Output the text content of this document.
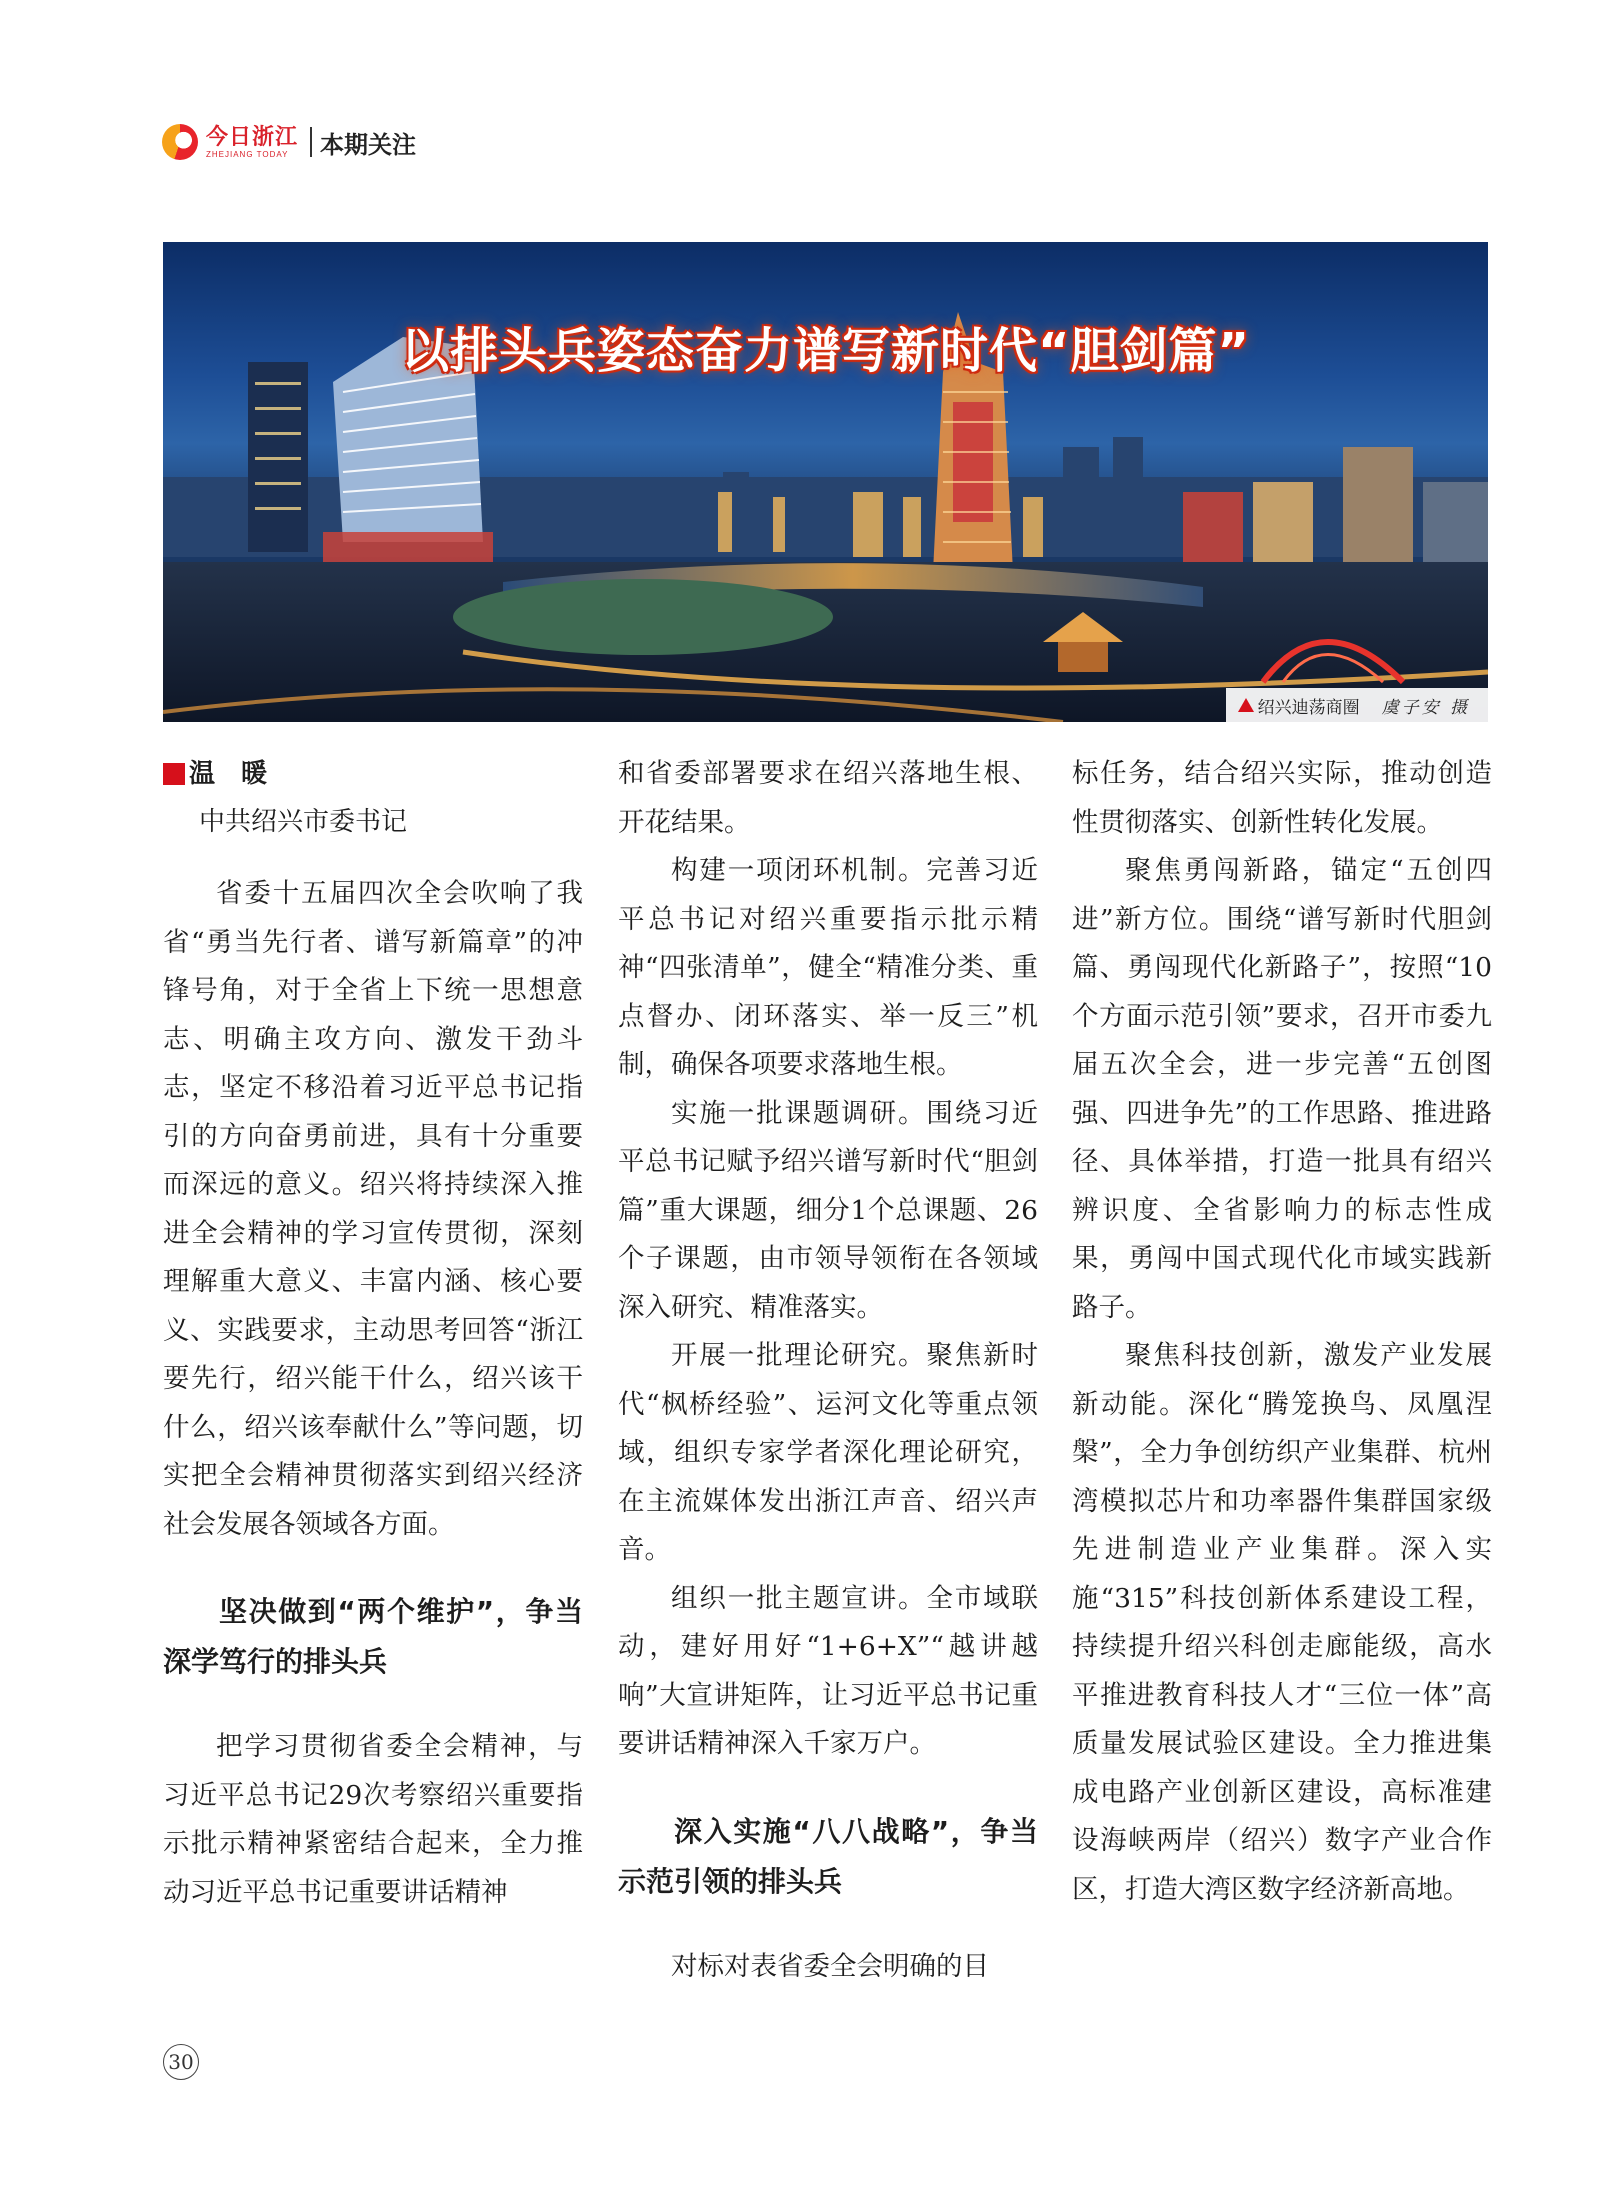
今日浙江
ZHEJIANG TODAY	本期关注
以排头兵姿态奋力谱写新时代“胆剑篇”
绍兴迪荡商圈 虞子安 摄
温　暖
中共绍兴市委书记

省委十五届四次全会吹响了我省“勇当先行者、谱写新篇章”的冲锋号角，对于全省上下统一思想意志、明确主攻方向、激发干劲斗志，坚定不移沿着习近平总书记指引的方向奋勇前进，具有十分重要而深远的意义。绍兴将持续深入推进全会精神的学习宣传贯彻，深刻理解重大意义、丰富内涵、核心要义、实践要求，主动思考回答“浙江要先行，绍兴能干什么，绍兴该干什么，绍兴该奉献什么”等问题，切实把全会精神贯彻落实到绍兴经济社会发展各领域各方面。

坚决做到“两个维护”，争当深学笃行的排头兵

把学习贯彻省委全会精神，与习近平总书记29次考察绍兴重要指示批示精神紧密结合起来，全力推动习近平总书记重要讲话精神

和省委部署要求在绍兴落地生根、开花结果。

构建一项闭环机制。完善习近平总书记对绍兴重要指示批示精神“四张清单”，健全“精准分类、重点督办、闭环落实、举一反三”机制，确保各项要求落地生根。

实施一批课题调研。围绕习近平总书记赋予绍兴谱写新时代“胆剑篇”重大课题，细分1个总课题、26个子课题，由市领导领衔在各领域深入研究、精准落实。

开展一批理论研究。聚焦新时代“枫桥经验”、运河文化等重点领域，组织专家学者深化理论研究，在主流媒体发出浙江声音、绍兴声音。

组织一批主题宣讲。全市域联动，建好用好“1+6+X”“越讲越响”大宣讲矩阵，让习近平总书记重要讲话精神深入千家万户。

深入实施“八八战略”，争当示范引领的排头兵

对标对表省委全会明确的目

标任务，结合绍兴实际，推动创造性贯彻落实、创新性转化发展。

聚焦勇闯新路，锚定“五创四进”新方位。围绕“谱写新时代胆剑篇、勇闯现代化新路子”，按照“10个方面示范引领”要求，召开市委九届五次全会，进一步完善“五创图强、四进争先”的工作思路、推进路径、具体举措，打造一批具有绍兴辨识度、全省影响力的标志性成果，勇闯中国式现代化市域实践新路子。

聚焦科技创新，激发产业发展新动能。深化“腾笼换鸟、凤凰涅槃”，全力争创纺织产业集群、杭州湾模拟芯片和功率器件集群国家级先进制造业产业集群。深入实施“315”科技创新体系建设工程，持续提升绍兴科创走廊能级，高水平推进教育科技人才“三位一体”高质量发展试验区建设。全力推进集成电路产业创新区建设，高标准建设海峡两岸（绍兴）数字产业合作区，打造大湾区数字经济新高地。

30
